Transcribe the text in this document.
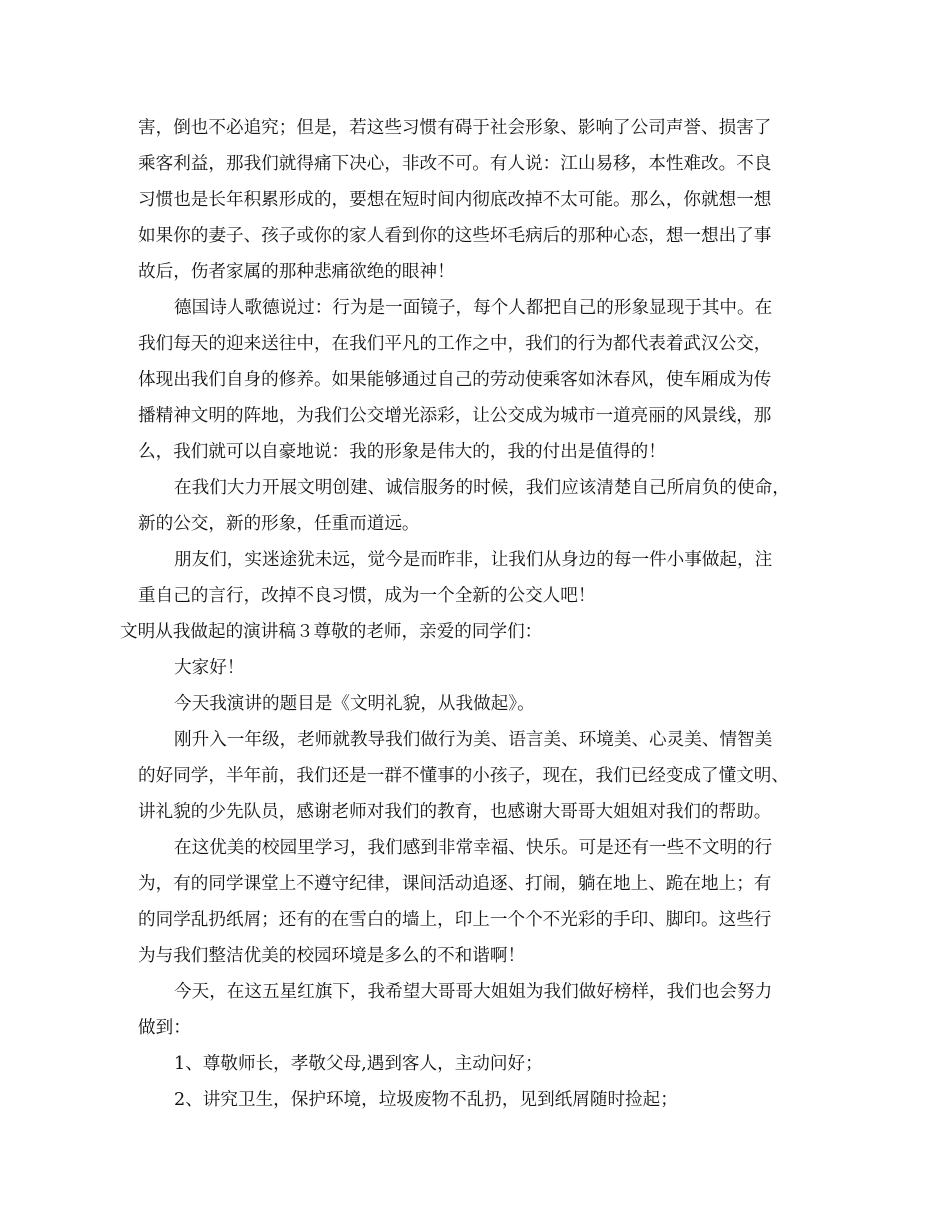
害，倒也不必追究；但是，若这些习惯有碍于社会形象、影响了公司声誉、损害了
乘客利益，那我们就得痛下决心，非改不可。有人说：江山易移，本性难改。不良
习惯也是长年积累形成的，要想在短时间内彻底改掉不太可能。那么，你就想一想
如果你的妻子、孩子或你的家人看到你的这些坏毛病后的那种心态，想一想出了事
故后，伤者家属的那种悲痛欲绝的眼神！
德国诗人歌德说过：行为是一面镜子，每个人都把自己的形象显现于其中。在
我们每天的迎来送往中，在我们平凡的工作之中，我们的行为都代表着武汉公交，
体现出我们自身的修养。如果能够通过自己的劳动使乘客如沐春风，使车厢成为传
播精神文明的阵地，为我们公交增光添彩，让公交成为城市一道亮丽的风景线，那
么，我们就可以自豪地说：我的形象是伟大的，我的付出是值得的！
在我们大力开展文明创建、诚信服务的时候，我们应该清楚自己所肩负的使命，
新的公交，新的形象，任重而道远。
朋友们，实迷途犹未远，觉今是而昨非，让我们从身边的每一件小事做起，注
重自己的言行，改掉不良习惯，成为一个全新的公交人吧！
文明从我做起的演讲稿３尊敬的老师，亲爱的同学们：
大家好！
今天我演讲的题目是《文明礼貌，从我做起》。
刚升入一年级，老师就教导我们做行为美、语言美、环境美、心灵美、情智美
的好同学，半年前，我们还是一群不懂事的小孩子，现在，我们已经变成了懂文明、
讲礼貌的少先队员，感谢老师对我们的教育，也感谢大哥哥大姐姐对我们的帮助。
在这优美的校园里学习，我们感到非常幸福、快乐。可是还有一些不文明的行
为，有的同学课堂上不遵守纪律，课间活动追逐、打闹，躺在地上、跪在地上；有
的同学乱扔纸屑；还有的在雪白的墙上，印上一个个不光彩的手印、脚印。这些行
为与我们整洁优美的校园环境是多么的不和谐啊！
今天，在这五星红旗下，我希望大哥哥大姐姐为我们做好榜样，我们也会努力
做到：
1、尊敬师长，孝敬父母,遇到客人，主动问好；
2、讲究卫生，保护环境，垃圾废物不乱扔，见到纸屑随时捡起；
